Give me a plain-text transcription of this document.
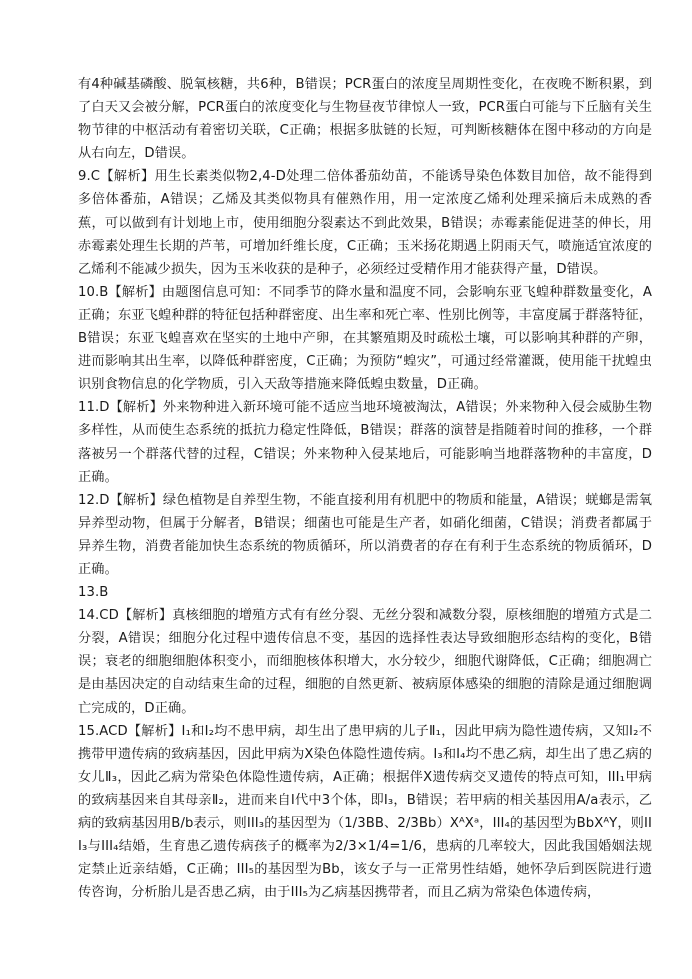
有4种碱基磷酸、脱氧核糖，共6种，B错误；PCR蛋白的浓度呈周期性变化，在夜晚不断积累，到了白天又会被分解，PCR蛋白的浓度变化与生物昼夜节律惊人一致，PCR蛋白可能与下丘脑有关生物节律的中枢活动有着密切关联，C正确；根据多肽链的长短，可判断核糖体在图中移动的方向是从右向左，D错误。

9.C【解析】用生长素类似物2,4-D处理二倍体番茄幼苗，不能诱导染色体数目加倍，故不能得到多倍体番茄，A错误；乙烯及其类似物具有催熟作用，用一定浓度乙烯利处理采摘后未成熟的香蕉，可以做到有计划地上市，使用细胞分裂素达不到此效果，B错误；赤霉素能促进茎的伸长，用赤霉素处理生长期的芦苇，可增加纤维长度，C正确；玉米扬花期遇上阴雨天气，喷施适宜浓度的乙烯利不能减少损失，因为玉米收获的是种子，必须经过受精作用才能获得产量，D错误。

10.B【解析】由题图信息可知：不同季节的降水量和温度不同，会影响东亚飞蝗种群数量变化，A正确；东亚飞蝗种群的特征包括种群密度、出生率和死亡率、性别比例等，丰富度属于群落特征，B错误；东亚飞蝗喜欢在坚实的土地中产卵，在其繁殖期及时疏松土壤，可以影响其种群的产卵，进而影响其出生率，以降低种群密度，C正确；为预防“蝗灾”，可通过经常灌溉，使用能干扰蝗虫识别食物信息的化学物质，引入天敌等措施来降低蝗虫数量，D正确。

11.D【解析】外来物种进入新环境可能不适应当地环境被淘汰，A错误；外来物种入侵会威胁生物多样性，从而使生态系统的抵抗力稳定性降低，B错误；群落的演替是指随着时间的推移，一个群落被另一个群落代替的过程，C错误；外来物种入侵某地后，可能影响当地群落物种的丰富度，D正确。

12.D【解析】绿色植物是自养型生物，不能直接利用有机肥中的物质和能量，A错误；蜣螂是需氧异养型动物，但属于分解者，B错误；细菌也可能是生产者，如硝化细菌，C错误；消费者都属于异养生物，消费者能加快生态系统的物质循环，所以消费者的存在有利于生态系统的物质循环，D正确。

13.B

14.CD【解析】真核细胞的增殖方式有有丝分裂、无丝分裂和减数分裂，原核细胞的增殖方式是二分裂，A错误；细胞分化过程中遗传信息不变，基因的选择性表达导致细胞形态结构的变化，B错误；衰老的细胞细胞体积变小，而细胞核体积增大，水分较少，细胞代谢降低，C正确；细胞凋亡是由基因决定的自动结束生命的过程，细胞的自然更新、被病原体感染的细胞的清除是通过细胞调亡完成的，D正确。

15.ACD【解析】Ⅰ₁和Ⅰ₂均不患甲病，却生出了患甲病的儿子Ⅱ₁，因此甲病为隐性遗传病，又知Ⅰ₂不携带甲遗传病的致病基因，因此甲病为X染色体隐性遗传病。Ⅰ₃和Ⅰ₄均不患乙病，却生出了患乙病的女儿Ⅱ₃，因此乙病为常染色体隐性遗传病，A正确；根据伴X遗传病交叉遗传的特点可知，III₁甲病的致病基因来自其母亲Ⅱ₂，进而来自Ⅰ代中3个体，即Ⅰ₃，B错误；若甲病的相关基因用A/a表示，乙病的致病基因用B/b表示，则III₃的基因型为（1/3BB、2/3Bb）XᴬXᵃ，III₄的基因型为BbXᴬY，则III₃与III₄结婚，生育患乙遗传病孩子的概率为2/3×1/4=1/6，患病的几率较大，因此我国婚姻法规定禁止近亲结婚，C正确；III₅的基因型为Bb，该女子与一正常男性结婚，她怀孕后到医院进行遗传咨询，分析胎儿是否患乙病，由于III₅为乙病基因携带者，而且乙病为常染色体遗传病，
